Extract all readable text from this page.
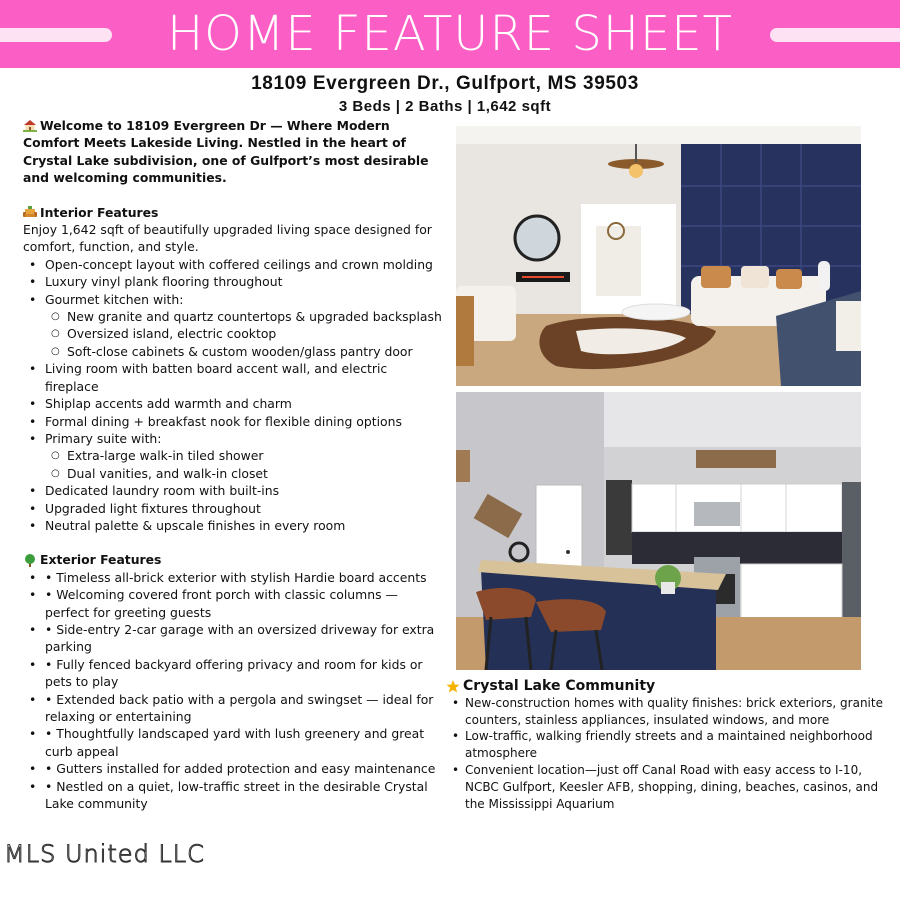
HOME FEATURE SHEET
18109 Evergreen Dr., Gulfport, MS 39503
3 Beds | 2 Baths | 1,642 sqft

Welcome to 18109 Evergreen Dr — Where Modern Comfort Meets Lakeside Living. Nestled in the heart of Crystal Lake subdivision, one of Gulfport’s most desirable and welcoming communities.

Interior Features

Enjoy 1,642 sqft of beautifully upgraded living space designed for comfort, function, and style.

• Open-concept layout with coffered ceilings and crown molding
• Luxury vinyl plank flooring throughout
• Gourmet kitchen with:
○ New granite and quartz countertops & upgraded backsplash
○ Oversized island, electric cooktop
○ Soft-close cabinets & custom wooden/glass pantry door
• Living room with batten board accent wall, and electric fireplace
• Shiplap accents add warmth and charm
• Formal dining + breakfast nook for flexible dining options
• Primary suite with:
○ Extra-large walk-in tiled shower
○ Dual vanities, and walk-in closet
• Dedicated laundry room with built-ins
• Upgraded light fixtures throughout
• Neutral palette & upscale finishes in every room
Exterior Features
• • Timeless all-brick exterior with stylish Hardie board accents
• • Welcoming covered front porch with classic columns — perfect for greeting guests
• • Side-entry 2-car garage with an oversized driveway for extra parking
• • Fully fenced backyard offering privacy and room for kids or pets to play
• • Extended back patio with a pergola and swingset — ideal for relaxing or entertaining
• • Thoughtfully landscaped yard with lush greenery and great curb appeal
• • Gutters installed for added protection and easy maintenance
• • Nestled on a quiet, low-traffic street in the desirable Crystal Lake community
Crystal Lake Community
• New-construction homes with quality finishes: brick exteriors, granite counters, stainless appliances, insulated windows, and more
• Low-traffic, walking friendly streets and a maintained neighborhood atmosphere
• Convenient location—just off Canal Road with easy access to I-10, NCBC Gulfport, Keesler AFB, shopping, dining, beaches, casinos, and the Mississippi Aquarium
MLS United LLC
